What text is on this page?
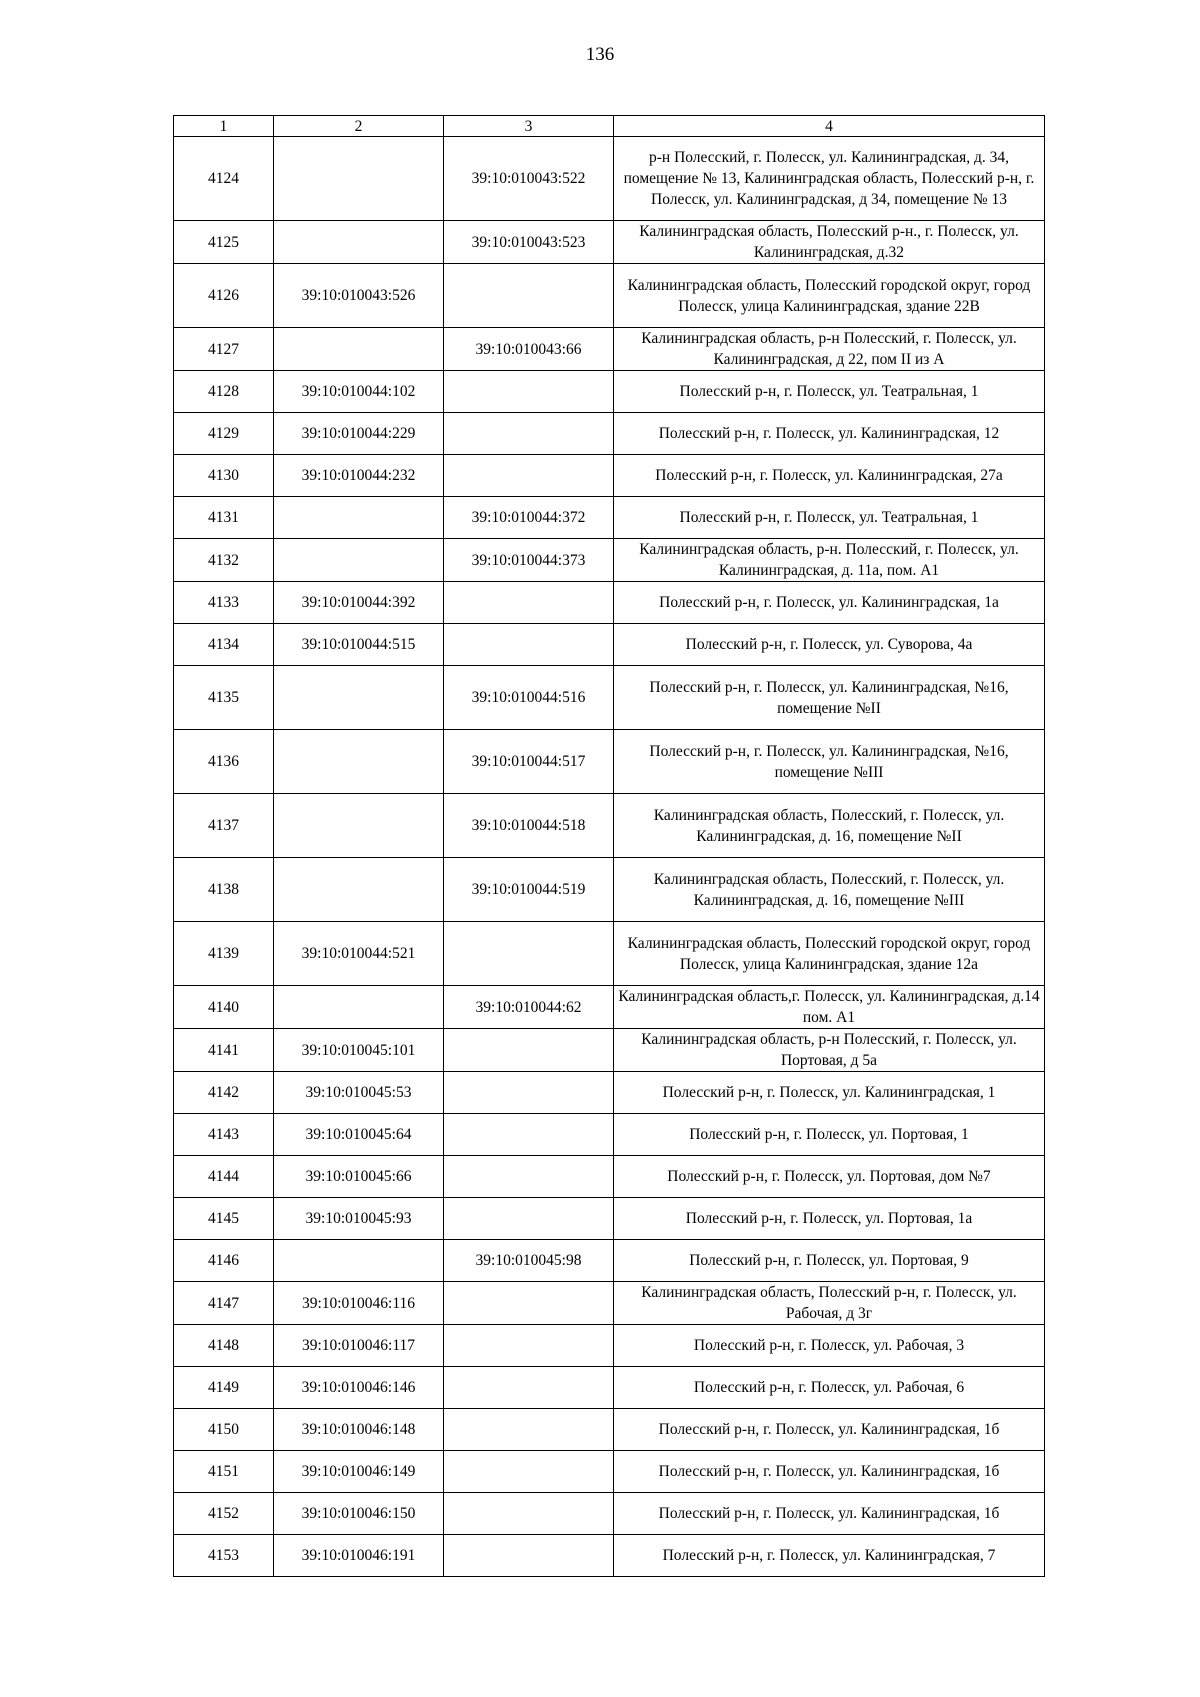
136
1	2	3	4
4124		39:10:010043:522	р-н Полесский, г. Полесск, ул. Калининградская, д. 34, помещение № 13, Калининградская область, Полесский р-н, г. Полесск, ул. Калининградская, д 34, помещение № 13
4125		39:10:010043:523	Калининградская область, Полесский р-н., г. Полесск, ул. Калининградская, д.32
4126	39:10:010043:526		Калининградская область, Полесский городской округ, город Полесск, улица Калининградская, здание 22В
4127		39:10:010043:66	Калининградская область, р-н Полесский, г. Полесск, ул. Калининградская, д 22, пом II из А
4128	39:10:010044:102		Полесский р-н, г. Полесск, ул. Театральная, 1
4129	39:10:010044:229		Полесский р-н, г. Полесск, ул. Калининградская, 12
4130	39:10:010044:232		Полесский р-н, г. Полесск, ул. Калининградская, 27а
4131		39:10:010044:372	Полесский р-н, г. Полесск, ул. Театральная, 1
4132		39:10:010044:373	Калининградская область, р-н. Полесский, г. Полесск, ул. Калининградская, д. 11а, пом. А1
4133	39:10:010044:392		Полесский р-н, г. Полесск, ул. Калининградская, 1а
4134	39:10:010044:515		Полесский р-н, г. Полесск, ул. Суворова, 4а
4135		39:10:010044:516	Полесский р-н, г. Полесск, ул. Калининградская, №16, помещение №II
4136		39:10:010044:517	Полесский р-н, г. Полесск, ул. Калининградская, №16, помещение №III
4137		39:10:010044:518	Калининградская область, Полесский, г. Полесск, ул. Калининградская, д. 16, помещение №II
4138		39:10:010044:519	Калининградская область, Полесский, г. Полесск, ул. Калининградская, д. 16, помещение №III
4139	39:10:010044:521		Калининградская область, Полесский городской округ, город Полесск, улица Калининградская, здание 12а
4140		39:10:010044:62	Калининградская область,г. Полесск, ул. Калининградская, д.14 пом. А1
4141	39:10:010045:101		Калининградская область, р-н Полесский, г. Полесск, ул. Портовая, д 5а
4142	39:10:010045:53		Полесский р-н, г. Полесск, ул. Калининградская, 1
4143	39:10:010045:64		Полесский р-н, г. Полесск, ул. Портовая, 1
4144	39:10:010045:66		Полесский р-н, г. Полесск, ул. Портовая, дом №7
4145	39:10:010045:93		Полесский р-н, г. Полесск, ул. Портовая, 1а
4146		39:10:010045:98	Полесский р-н, г. Полесск, ул. Портовая, 9
4147	39:10:010046:116		Калининградская область, Полесский р-н, г. Полесск, ул. Рабочая, д 3г
4148	39:10:010046:117		Полесский р-н, г. Полесск, ул. Рабочая, 3
4149	39:10:010046:146		Полесский р-н, г. Полесск, ул. Рабочая, 6
4150	39:10:010046:148		Полесский р-н, г. Полесск, ул. Калининградская, 1б
4151	39:10:010046:149		Полесский р-н, г. Полесск, ул. Калининградская, 1б
4152	39:10:010046:150		Полесский р-н, г. Полесск, ул. Калининградская, 1б
4153	39:10:010046:191		Полесский р-н, г. Полесск, ул. Калининградская, 7
